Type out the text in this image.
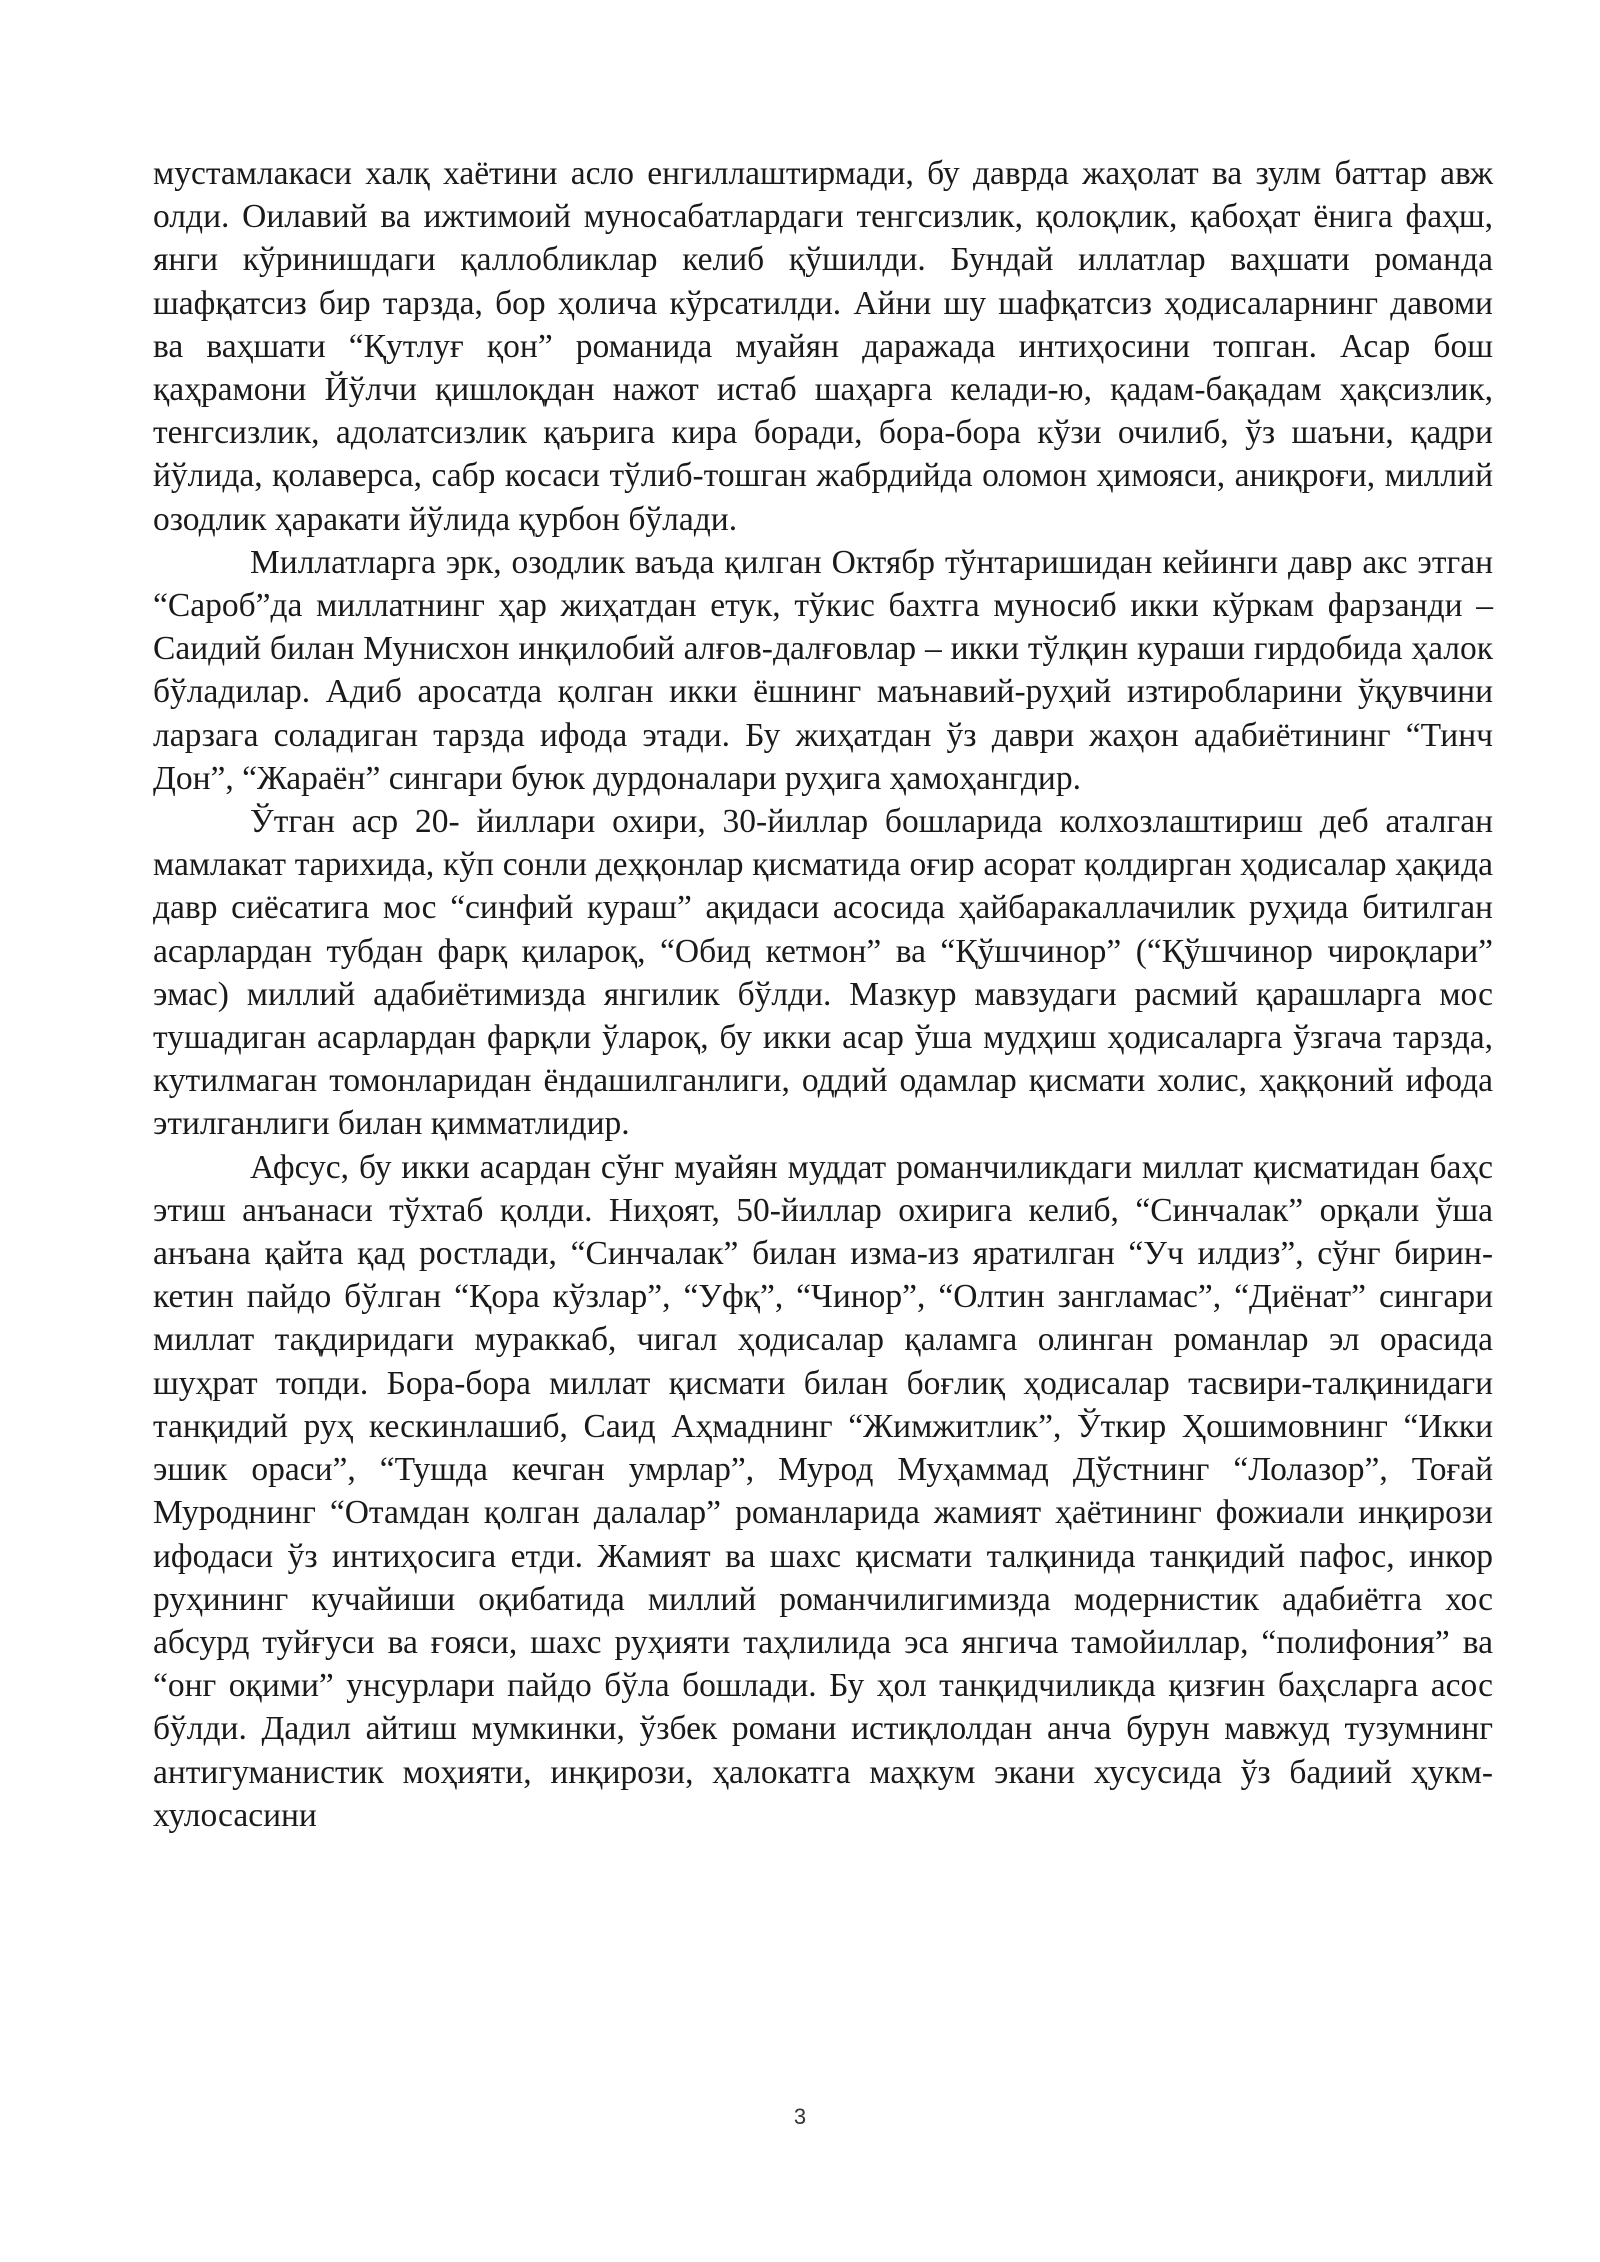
мустамлакаси халқ хаётини асло енгиллаштирмади, бу даврда жаҳолат ва зулм баттар авж олди. Оилавий ва ижтимоий муносабатлардаги тенгсизлик, қолоқлик, қабоҳат ёнига фаҳш, янги кўринишдаги қаллобликлар келиб қўшилди. Бундай иллатлар ваҳшати романда шафқатсиз бир тарзда, бор ҳолича кўрсатилди. Айни шу шафқатсиз ҳодисаларнинг давоми ва ваҳшати “Қутлуғ қон” романида муайян даражада интиҳосини топган. Асар бош қаҳрамони Йўлчи қишлоқдан нажот истаб шаҳарга келади-ю, қадам-бақадам ҳақсизлик, тенгсизлик, адолатсизлик қаърига кира боради, бора-бора кўзи очилиб, ўз шаъни, қадри йўлида, қолаверса, сабр косаси тўлиб-тошган жабрдийда оломон ҳимояси, аниқроғи, миллий озодлик ҳаракати йўлида қурбон бўлади.

Миллатларга эрк, озодлик ваъда қилган Октябр тўнтаришидан кейинги давр акс этган “Сароб”да миллатнинг ҳар жиҳатдан етук, тўкис бахтга муносиб икки кўркам фарзанди – Саидий билан Мунисхон инқилобий алғов-далғовлар – икки тўлқин кураши гирдобида ҳалок бўладилар. Адиб аросатда қолган икки ёшнинг маънавий-руҳий изтиробларини ўқувчини ларзага соладиган тарзда ифода этади. Бу жиҳатдан ўз даври жаҳон адабиётининг “Тинч Дон”, “Жараён” сингари буюк дурдоналари руҳига ҳамоҳангдир.

Ўтган аср 20- йиллари охири, 30-йиллар бошларида колхозлаштириш деб аталган мамлакат тарихида, кўп сонли деҳқонлар қисматида оғир асорат қолдирган ҳодисалар ҳақида давр сиёсатига мос “синфий кураш” ақидаси асосида ҳайбаракаллачилик руҳида битилган асарлардан тубдан фарқ қиларoқ, “Обид кетмон” ва “Қўшчинор” (“Қўшчинор чироқлари” эмас) миллий адабиётимизда янгилик бўлди. Мазкур мавзудаги расмий қарашларга мос тушадиган асарлардан фарқли ўлароқ, бу икки асар ўша мудҳиш ҳодисаларга ўзгача тарзда, кутилмаган томонларидан ёндашилганлиги, оддий одамлар қисмати холис, ҳаққоний ифода этилганлиги билан қимматлидир.

Афсус, бу икки асардан сўнг муайян муддат романчиликдаги миллат қисматидан баҳс этиш анъанаси тўхтаб қолди. Ниҳоят, 50-йиллар охирига келиб, “Синчалак” орқали ўша анъана қайта қад ростлади, “Синчалак” билан изма-из яратилган “Уч илдиз”, сўнг бирин-кетин пайдо бўлган “Қора кўзлар”, “Уфқ”, “Чинор”, “Олтин зангламас”, “Диёнат” сингари миллат тақдиридаги мураккаб, чигал ҳодисалар қаламга олинган романлар эл орасида шуҳрат топди. Бора-бора миллат қисмати билан боғлиқ ҳодисалар тасвири-талқинидаги танқидий руҳ кескинлашиб, Саид Аҳмаднинг “Жимжитлик”, Ўткир Ҳошимовнинг “Икки эшик ораси”, “Тушда кечган умрлар”, Мурод Муҳаммад Дўстнинг “Лолазор”, Тоғай Муроднинг “Отамдан қолган далалар” романларида жамият ҳаётининг фожиали инқирози ифодаси ўз интиҳосига етди. Жамият ва шахс қисмати талқинида танқидий пафос, инкор руҳининг кучайиши оқибатида миллий романчилигимизда модернистик адабиётга хос абсурд туйғуси ва ғояси, шахс руҳияти таҳлилида эса янгича тамойиллар, “полифония” ва “онг оқими” унсурлари пайдо бўла бошлади. Бу ҳол танқидчиликда қизғин баҳсларга асос бўлди. Дадил айтиш мумкинки, ўзбек романи истиқлолдан анча бурун мавжуд тузумнинг антигуманистик моҳияти, инқирози, ҳалокатга маҳкум экани хусусида ўз бадиий ҳукм-хулосасини

3
